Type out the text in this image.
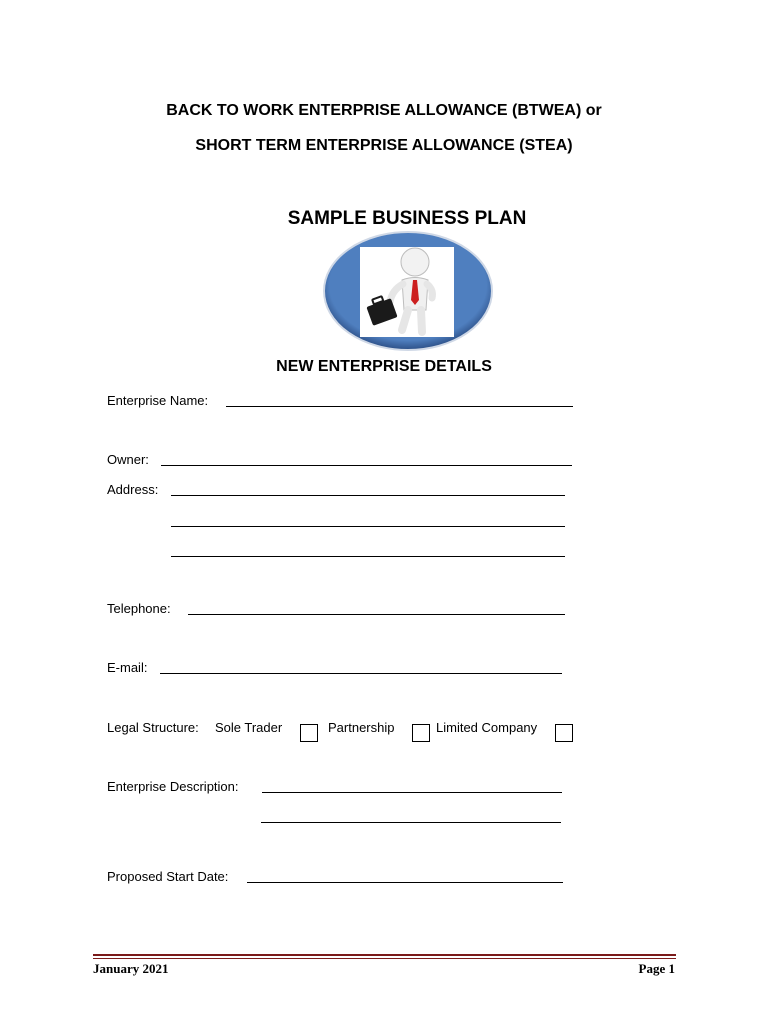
BACK TO WORK ENTERPRISE ALLOWANCE (BTWEA) or
SHORT TERM ENTERPRISE ALLOWANCE (STEA)
SAMPLE BUSINESS PLAN
NEW ENTERPRISE DETAILS
Enterprise Name:
Owner:
Address:
Telephone:
E-mail:
Legal Structure: Sole Trader	Partnership	Limited Company
Enterprise Description:
Proposed Start Date:
January 2021	Page 1
